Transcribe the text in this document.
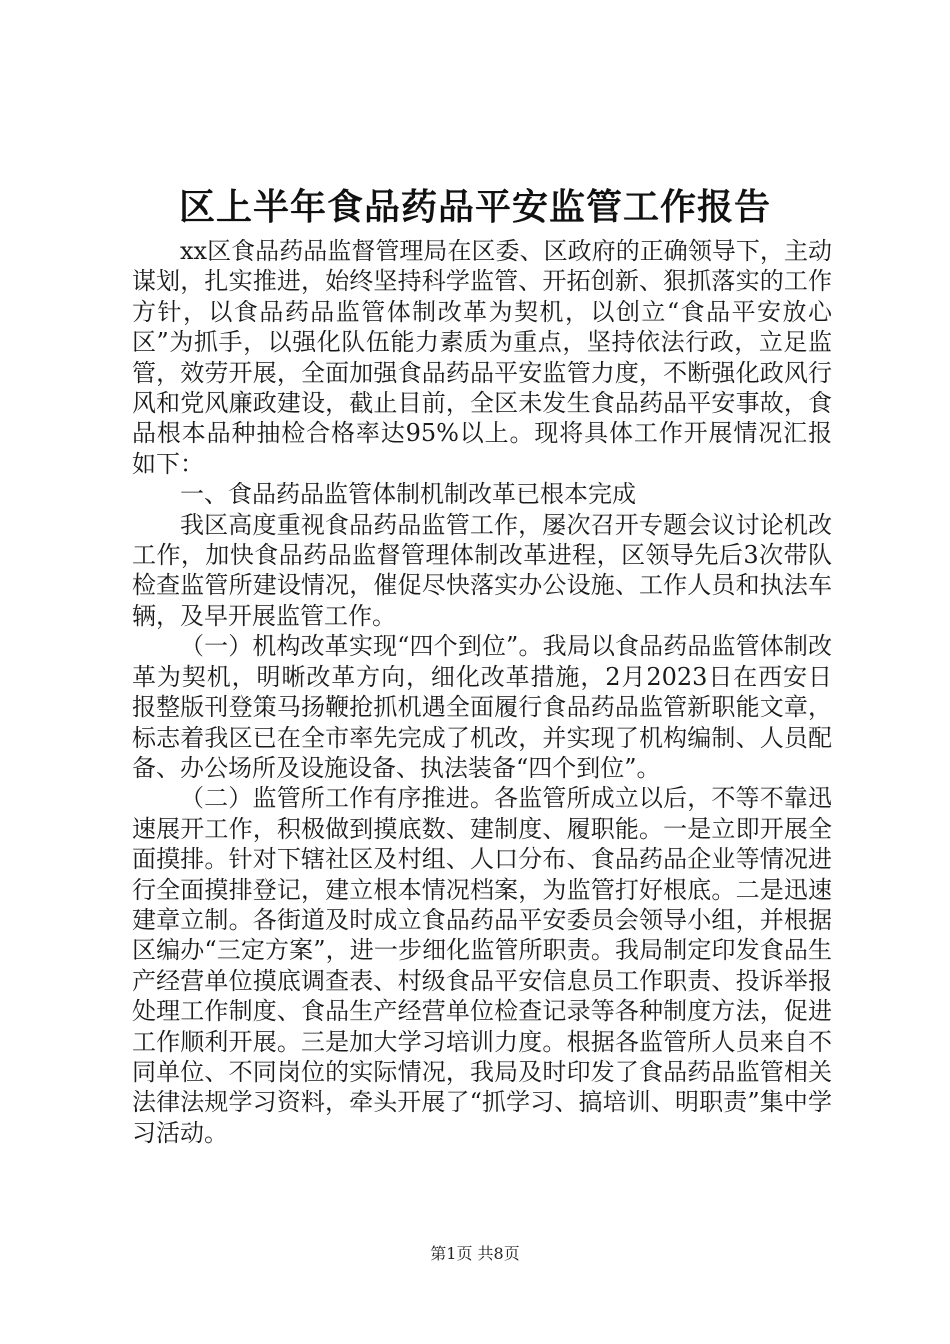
区上半年食品药品平安监管工作报告

xx区食品药品监督管理局在区委、区政府的正确领导下，主动谋划，扎实推进，始终坚持科学监管、开拓创新、狠抓落实的工作方针，以食品药品监管体制改革为契机，以创立“食品平安放心区”为抓手，以强化队伍能力素质为重点，坚持依法行政，立足监管，效劳开展，全面加强食品药品平安监管力度，不断强化政风行风和党风廉政建设，截止目前，全区未发生食品药品平安事故，食品根本品种抽检合格率达95%以上。现将具体工作开展情况汇报如下：

一、食品药品监管体制机制改革已根本完成

我区高度重视食品药品监管工作，屡次召开专题会议讨论机改工作，加快食品药品监督管理体制改革进程，区领导先后3次带队检查监管所建设情况，催促尽快落实办公设施、工作人员和执法车辆，及早开展监管工作。

（一）机构改革实现“四个到位”。我局以食品药品监管体制改革为契机，明晰改革方向，细化改革措施，2月2023日在西安日报整版刊登策马扬鞭抢抓机遇全面履行食品药品监管新职能文章，标志着我区已在全市率先完成了机改，并实现了机构编制、人员配备、办公场所及设施设备、执法装备“四个到位”。

（二）监管所工作有序推进。各监管所成立以后，不等不靠迅速展开工作，积极做到摸底数、建制度、履职能。一是立即开展全面摸排。针对下辖社区及村组、人口分布、食品药品企业等情况进行全面摸排登记，建立根本情况档案，为监管打好根底。二是迅速建章立制。各街道及时成立食品药品平安委员会领导小组，并根据区编办“三定方案”，进一步细化监管所职责。我局制定印发食品生产经营单位摸底调查表、村级食品平安信息员工作职责、投诉举报处理工作制度、食品生产经营单位检查记录等各种制度方法，促进工作顺利开展。三是加大学习培训力度。根据各监管所人员来自不同单位、不同岗位的实际情况，我局及时印发了食品药品监管相关法律法规学习资料，牵头开展了“抓学习、搞培训、明职责”集中学习活动。

第1页 共8页
